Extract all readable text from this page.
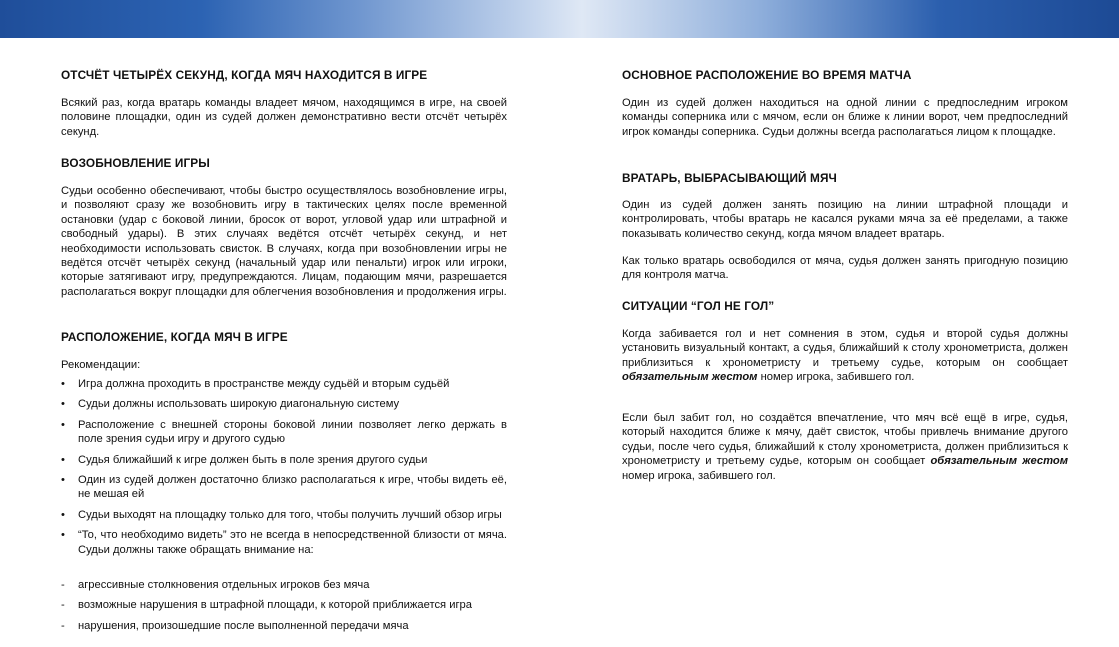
ОТСЧЁТ ЧЕТЫРЁХ СЕКУНД, КОГДА МЯЧ НАХОДИТСЯ В ИГРЕ

Всякий раз, когда вратарь команды владеет мячом, находящимся в игре, на своей половине площадки, один из судей должен демонстративно вести отсчёт четырёх секунд.

ВОЗОБНОВЛЕНИЕ ИГРЫ

Судьи особенно обеспечивают, чтобы быстро осуществлялось возобновление игры, и позволяют сразу же возобновить игру в тактических целях после временной остановки (удар с боковой линии, бросок от ворот, угловой удар или штрафной и свободный удары). В этих случаях ведётся отсчёт четырёх секунд, и нет необходимости использовать свисток. В случаях, когда при возобновлении игры не ведётся отсчёт четырёх секунд (начальный удар или пенальти) игрок или игроки, которые затягивают игру, предупреждаются. Лицам, подающим мячи, разрешается располагаться вокруг площадки для облегчения возобновления и продолжения игры.

РАСПОЛОЖЕНИЕ, КОГДА МЯЧ В ИГРЕ

Рекомендации:

• Игра должна проходить в пространстве между судьёй и вторым судьёй
• Судьи должны использовать широкую диагональную систему
• Расположение с внешней стороны боковой линии позволяет легко держать в поле зрения судьи игру и другого судью
• Судья ближайший к игре должен быть в поле зрения другого судьи
• Один из судей должен достаточно близко располагаться к игре, чтобы видеть её, не мешая ей
• Судьи выходят на площадку только для того, чтобы получить лучший обзор игры
• “То, что необходимо видеть” это не всегда в непосредственной близости от мяча. Судьи должны также обращать внимание на:
- агрессивные столкновения отдельных игроков без мяча
- возможные нарушения в штрафной площади, к которой приближается игра
- нарушения, произошедшие после выполненной передачи мяча
ОСНОВНОЕ РАСПОЛОЖЕНИЕ ВО ВРЕМЯ МАТЧА

Один из судей должен находиться на одной линии с предпоследним игроком команды соперника или с мячом, если он ближе к линии ворот, чем предпоследний игрок команды соперника. Судьи должны всегда располагаться лицом к площадке.

ВРАТАРЬ, ВЫБРАСЫВАЮЩИЙ МЯЧ

Один из судей должен занять позицию на линии штрафной площади и контролировать, чтобы вратарь не касался руками мяча за её пределами, а также показывать количество секунд, когда мячом владеет вратарь.

Как только вратарь освободился от мяча, судья должен занять пригодную позицию для контроля матча.

СИТУАЦИИ “ГОЛ НЕ ГОЛ”

Когда забивается гол и нет сомнения в этом, судья и второй судья должны установить визуальный контакт, а судья, ближайший к столу хронометриста, должен приблизиться к хронометристу и третьему судье, которым он сообщает обязательным жестом номер игрока, забившего гол.

Если был забит гол, но создаётся впечатление, что мяч всё ещё в игре, судья, который находится ближе к мячу, даёт свисток, чтобы привлечь внимание другого судьи, после чего судья, ближайший к столу хронометриста, должен приблизиться к хронометристу и третьему судье, которым он сообщает обязательным жестом номер игрока, забившего гол.
